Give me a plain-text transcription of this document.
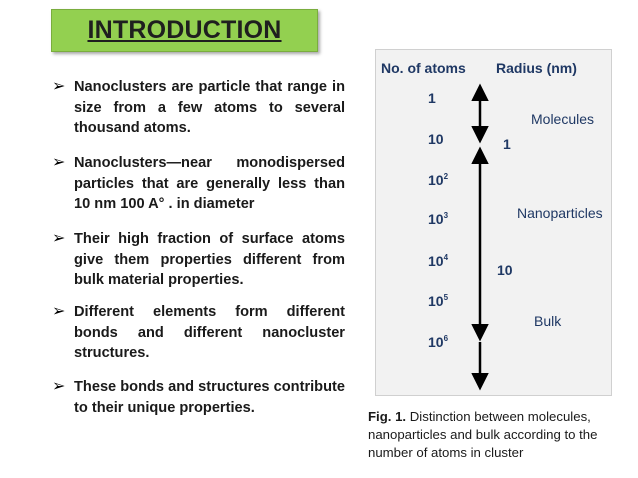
INTRODUCTION
➢ Nanoclusters are particle that range in size from a few atoms to several thousand atoms.
➢ Nanoclusters—near monodispersed particles that are generally less than 10 nm 100 A° . in diameter
➢ Their high fraction of surface atoms give them properties different from bulk material properties.
➢ Different elements form different bonds and different nanocluster structures.
➢ These bonds and structures contribute to their unique properties.
No. of atoms Radius (nm)
1
10
$10^2$
$10^3$
$10^4$
$10^5$
$10^6$
1
10
Molecules
Nanoparticles
Bulk
Fig. 1. Distinction between molecules, nanoparticles and bulk according to the number of atoms in cluster
